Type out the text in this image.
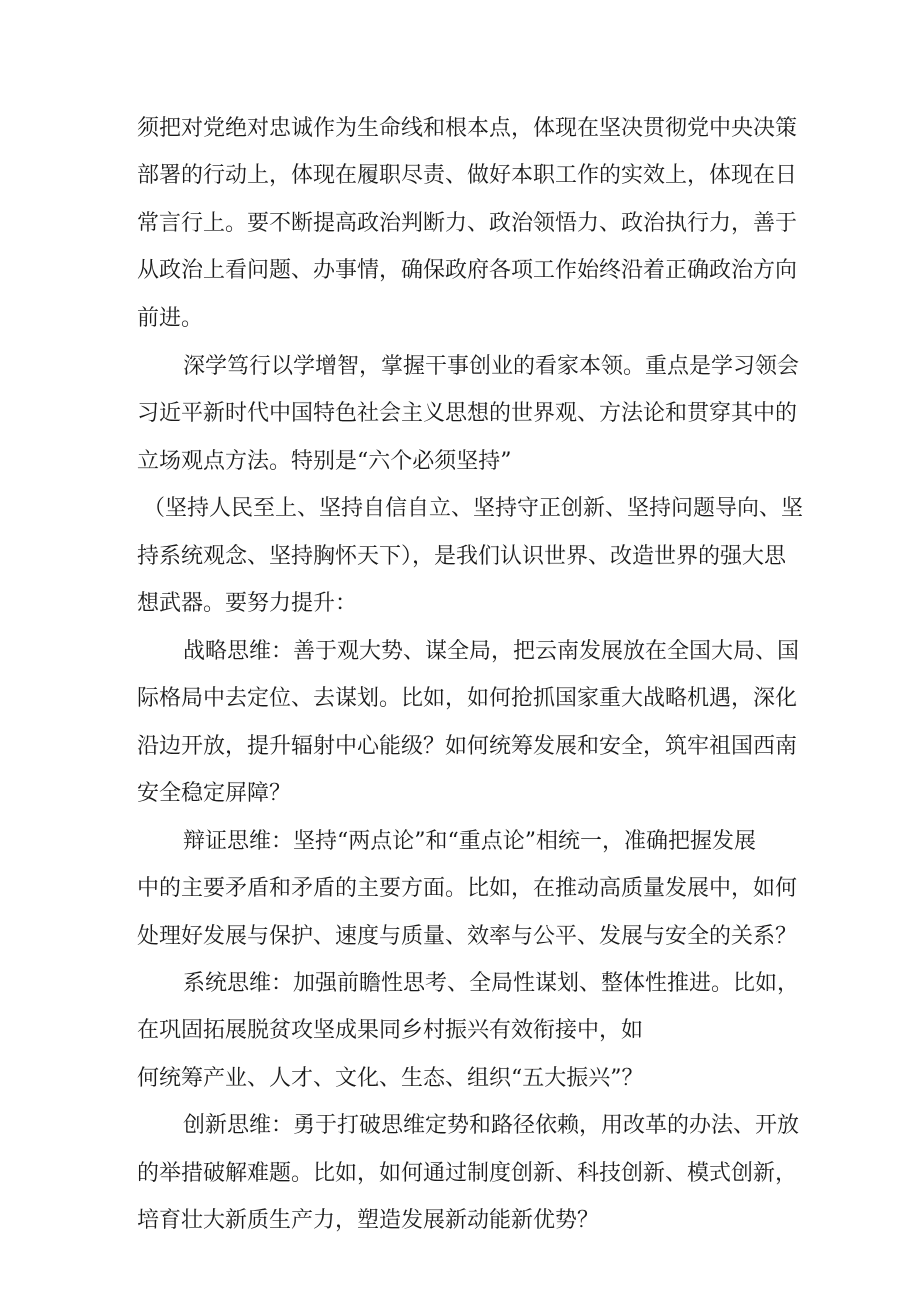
须把对党绝对忠诚作为生命线和根本点，体现在坚决贯彻党中央决策

部署的行动上，体现在履职尽责、做好本职工作的实效上，体现在日

常言行上。要不断提高政治判断力、政治领悟力、政治执行力，善于

从政治上看问题、办事情，确保政府各项工作始终沿着正确政治方向

前进。

深学笃行以学增智，掌握干事创业的看家本领。重点是学习领会

习近平新时代中国特色社会主义思想的世界观、方法论和贯穿其中的

立场观点方法。特别是“六个必须坚持”

（坚持人民至上、坚持自信自立、坚持守正创新、坚持问题导向、坚

持系统观念、坚持胸怀天下），是我们认识世界、改造世界的强大思

想武器。要努力提升：

战略思维：善于观大势、谋全局，把云南发展放在全国大局、国

际格局中去定位、去谋划。比如，如何抢抓国家重大战略机遇，深化

沿边开放，提升辐射中心能级？如何统筹发展和安全，筑牢祖国西南

安全稳定屏障？

辩证思维：坚持“两点论”和“重点论”相统一，准确把握发展

中的主要矛盾和矛盾的主要方面。比如，在推动高质量发展中，如何

处理好发展与保护、速度与质量、效率与公平、发展与安全的关系？

系统思维：加强前瞻性思考、全局性谋划、整体性推进。比如，

在巩固拓展脱贫攻坚成果同乡村振兴有效衔接中，如

何统筹产业、人才、文化、生态、组织“五大振兴”？

创新思维：勇于打破思维定势和路径依赖，用改革的办法、开放

的举措破解难题。比如，如何通过制度创新、科技创新、模式创新，

培育壮大新质生产力，塑造发展新动能新优势？
